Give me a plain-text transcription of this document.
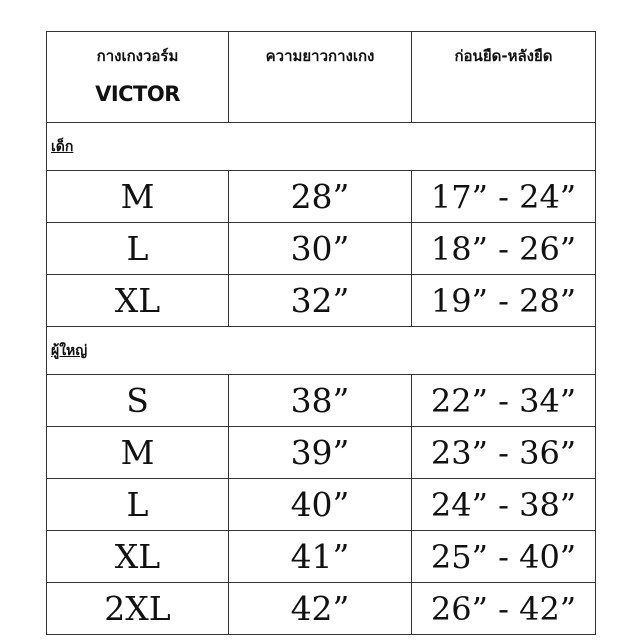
กางเกงวอร์ม
VICTOR	ความยาวกางเกง	ก่อนยืด-หลังยืด
เด็ก		
M	28”	17” - 24”
L	30”	18” - 26”
XL	32”	19” - 28”
ผู้ใหญ่		
S	38”	22” - 34”
M	39”	23” - 36”
L	40”	24” - 38”
XL	41”	25” - 40”
2XL	42”	26” - 42”
